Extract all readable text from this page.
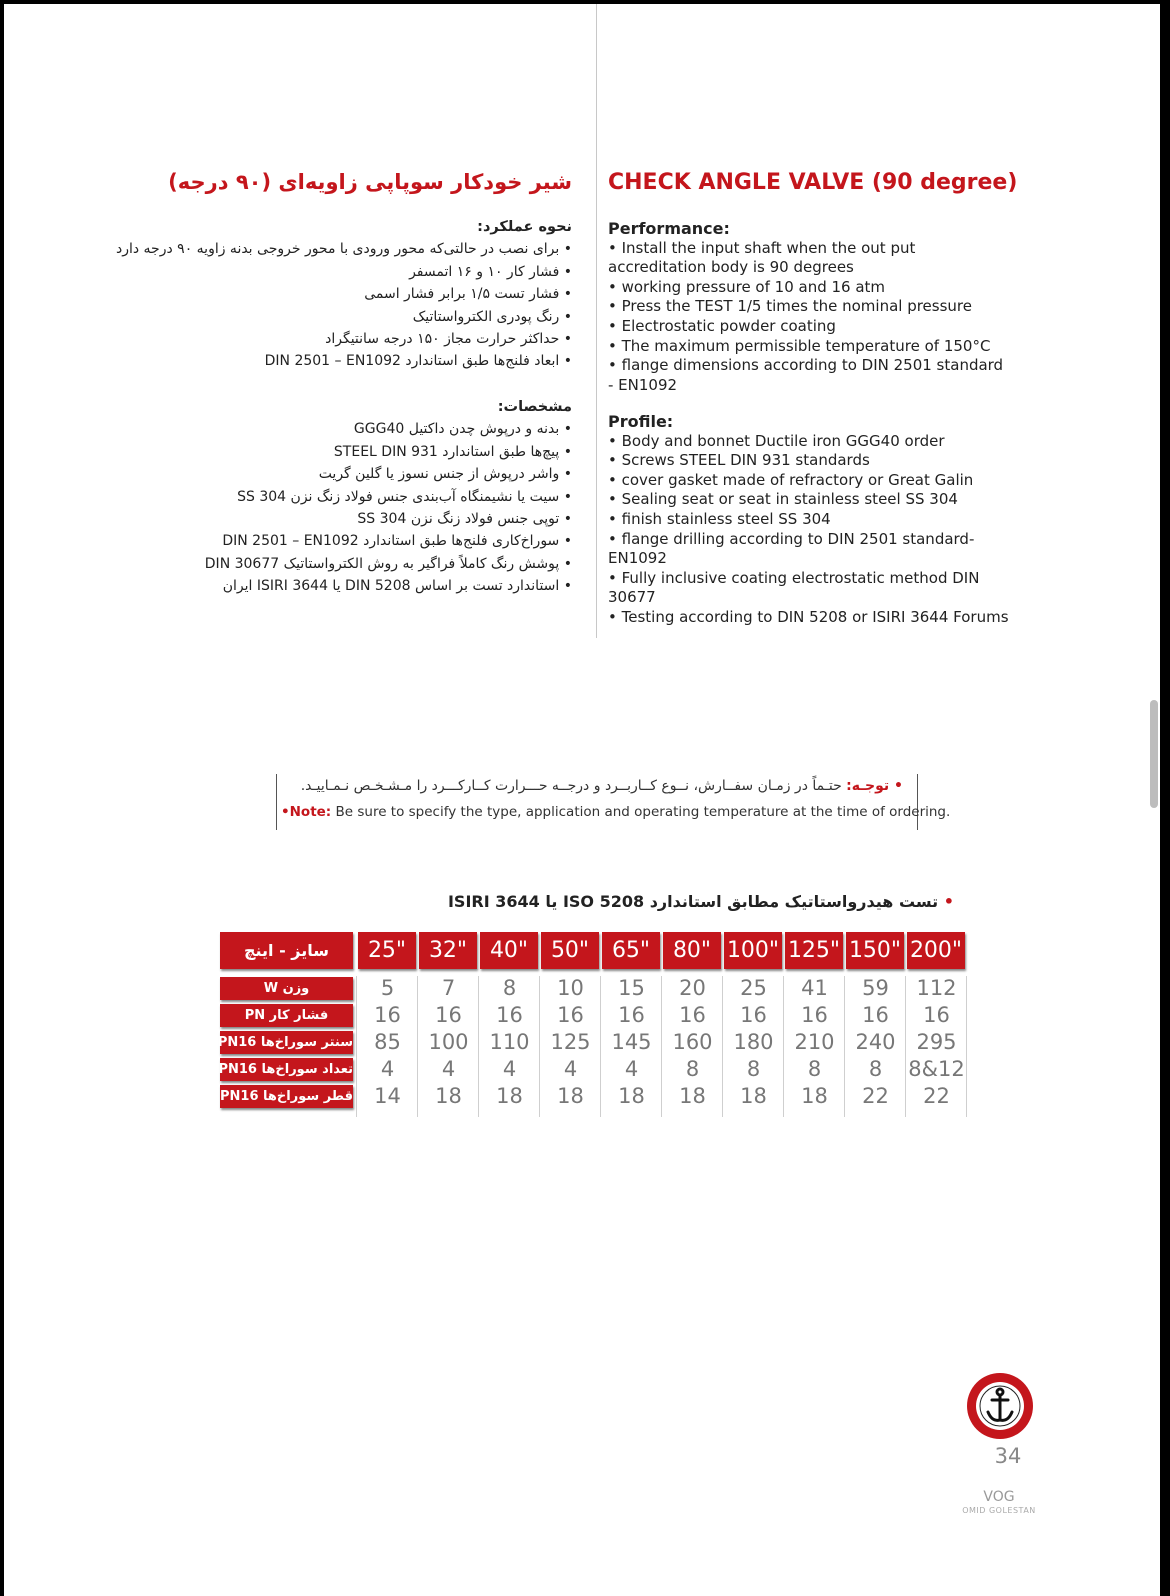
CHECK ANGLE VALVE (90 degree)
شیر خودکار سوپاپی زاویه‌ای (۹۰ درجه)
Performance:
• Install the input shaft when the out put accreditation body is 90 degrees
• working pressure of 10 and 16 atm
• Press the TEST 1/5 times the nominal pressure
• Electrostatic powder coating
• The maximum permissible temperature of 150°C
• flange dimensions according to DIN 2501 standard - EN1092
Profile:
• Body and bonnet Ductile iron GGG40 order
• Screws STEEL DIN 931 standards
• cover gasket made of refractory or Great Galin
• Sealing seat or seat in stainless steel SS 304
• finish stainless steel SS 304
• flange drilling according to DIN 2501 standard-EN1092
• Fully inclusive coating electrostatic method DIN 30677
• Testing according to DIN 5208 or ISIRI 3644 Forums
نحوه عملکرد:
• برای نصب در حالتی‌که محور ورودی با محور خروجی بدنه زاویه ۹۰ درجه دارد
• فشار کار ۱۰ و ۱۶ اتمسفر
• فشار تست ۱/۵ برابر فشار اسمی
• رنگ پودری الکترواستاتیک
• حداکثر حرارت مجاز ۱۵۰ درجه سانتیگراد
• ابعاد فلنج‌ها طبق استاندارد DIN 2501 – EN1092
مشخصات:
• بدنه و درپوش چدن داکتیل GGG40
• پیچ‌ها طبق استاندارد STEEL DIN 931
• واشر درپوش از جنس نسوز یا گلین گریت
• سیت یا نشیمنگاه آب‌بندی جنس فولاد زنگ نزن SS 304
• توپی جنس فولاد زنگ نزن SS 304
• سوراخ‌کاری فلنج‌ها طبق استاندارد DIN 2501 – EN1092
• پوشش رنگ کاملاً فراگیر به روش الکترواستاتیک DIN 30677
• استاندارد تست بر اساس DIN 5208 یا ISIRI 3644 ایران
• توجـه: حتـماً در زمـان سفــارش، نــوع کــاربــرد و درجــه حـــرارت کــارکـــرد را مـشـخـص نـمـاییـد.
•Note: Be sure to specify the type, application and operating temperature at the time of ordering.
• تست هیدرواستاتیک مطابق استاندارد ISO 5208 یا ISIRI 3644
سایز - اینچ	25"	32"	40"	50"	65"	80" 100" 125" 150" 200"
وزن W	5	7	8	10	15	20	25	41	59	112
فشار کار PN	16	16	16	16	16	16	16	16	16	16
سنتر سوراخ‌ها PN16	85	100 110 125 145 160 180 210 240 295
تعداد سوراخ‌ها PN16	4	4	4	4	4	8	8	8	8	8&12
قطر سوراخ‌ها PN16	14	18	18	18	18	18	18	18	22	22
34
VOG
OMID GOLESTAN
